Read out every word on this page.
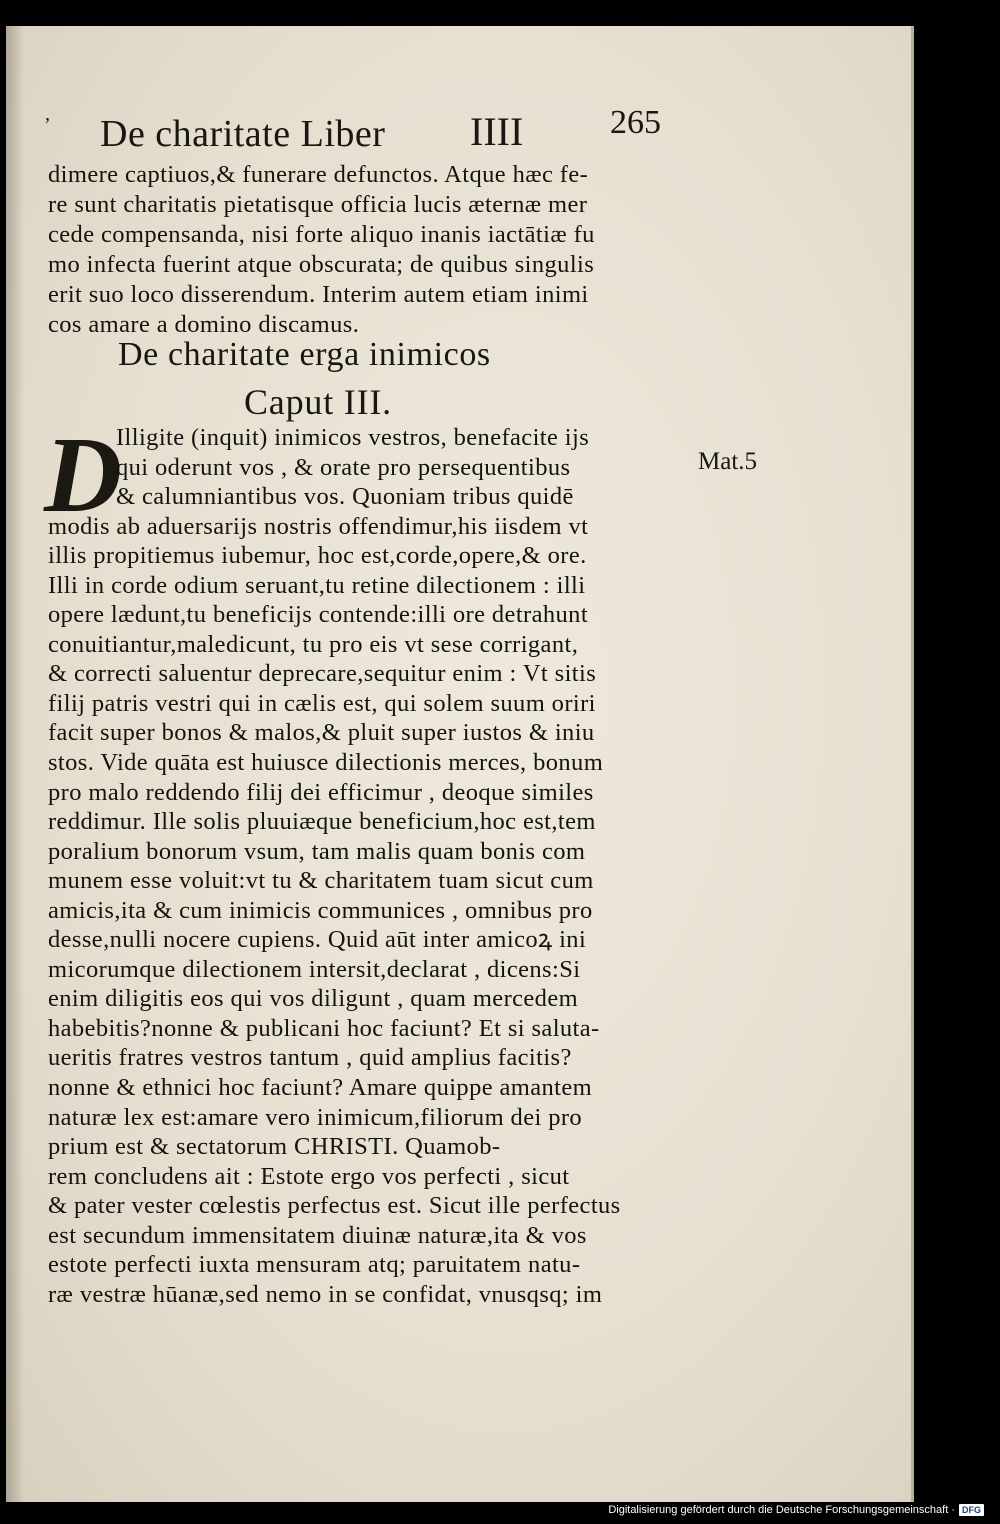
’ De charitate Liber IIII	265
dimere captiuos,& funerare defunctos. Atque hæc fe-
re sunt charitatis pietatisque officia lucis æternæ mer
cede compensanda, nisi forte aliquo inanis iactātiæ fu
mo infecta fuerint atque obscurata; de quibus singulis
erit suo loco disserendum. Interim autem etiam inimi
cos amare a domino discamus.
De charitate erga inimicos
Caput III.
D	Mat.5
Illigite (inquit) inimicos vestros, benefacite ijs
qui oderunt vos , & orate pro persequentibus
& calumniantibus vos. Quoniam tribus quidē
modis ab aduersarijs nostris offendimur,his iisdem vt
illis propitiemus iubemur, hoc est,corde,opere,& ore.
Illi in corde odium seruant,tu retine dilectionem : illi
opere lædunt,tu beneficijs contende:illi ore detrahunt
conuitiantur,maledicunt, tu pro eis vt sese corrigant,
& correcti saluentur deprecare,sequitur enim : Vt sitis
filij patris vestri qui in cælis est, qui solem suum oriri
facit super bonos & malos,& pluit super iustos & iniu
stos. Vide quāta est huiusce dilectionis merces, bonum
pro malo reddendo filij dei efficimur , deoque similes
reddimur. Ille solis pluuiæque beneficium,hoc est,tem
poralium bonorum vsum, tam malis quam bonis com
munem esse voluit:vt tu & charitatem tuam sicut cum
amicis,ita & cum inimicis communices , omnibus pro
desse,nulli nocere cupiens. Quid aūt inter amicoꝝ ini
micorumque dilectionem intersit,declarat , dicens:Si
enim diligitis eos qui vos diligunt , quam mercedem
habebitis?nonne & publicani hoc faciunt? Et si saluta-
ueritis fratres vestros tantum , quid amplius facitis?
nonne & ethnici hoc faciunt? Amare quippe amantem
naturæ lex est:amare vero inimicum,filiorum dei pro
prium est & sectatorum CHRISTI. Quamob-
rem concludens ait : Estote ergo vos perfecti , sicut
& pater vester cœlestis perfectus est. Sicut ille perfectus
est secundum immensitatem diuinæ naturæ,ita & vos
estote perfecti iuxta mensuram atq; paruitatem natu-
ræ vestræ hūanæ,sed nemo in se confidat, vnusqsq; im
Digitalisierung gefördert durch die Deutsche Forschungsgemeinschaft · DFG
